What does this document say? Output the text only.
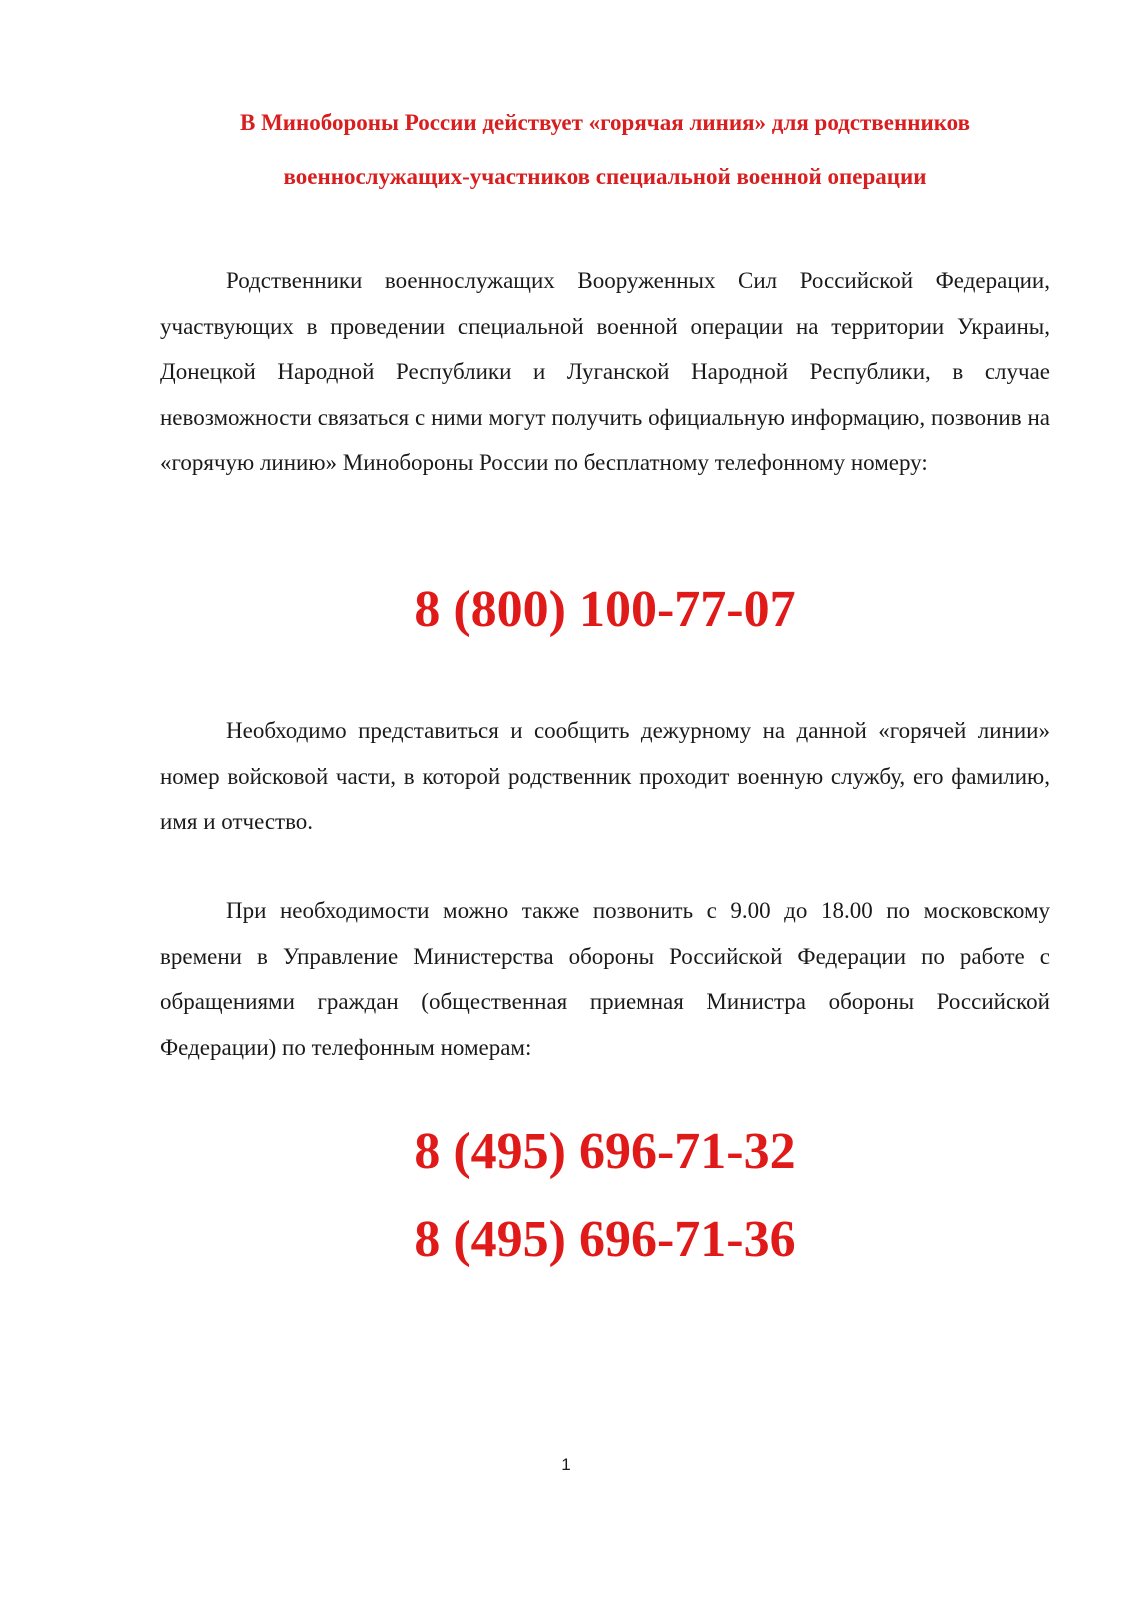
В Минобороны России действует «горячая линия» для родственников
военнослужащих-участников специальной военной операции

Родственники военнослужащих Вооруженных Сил Российской Федерации, участвующих в проведении специальной военной операции на территории Украины, Донецкой Народной Республики и Луганской Народной Республики, в случае невозможности связаться с ними могут получить официальную информацию, позвонив на «горячую линию» Минобороны России по бесплатному телефонному номеру:

8 (800) 100-77-07

Необходимо представиться и сообщить дежурному на данной «горячей линии» номер войсковой части, в которой родственник проходит военную службу, его фамилию, имя и отчество.

При необходимости можно также позвонить с 9.00 до 18.00 по московскому времени в Управление Министерства обороны Российской Федерации по работе с обращениями граждан (общественная приемная Министра обороны Российской Федерации) по телефонным номерам:

8 (495) 696-71-32
8 (495) 696-71-36
1
